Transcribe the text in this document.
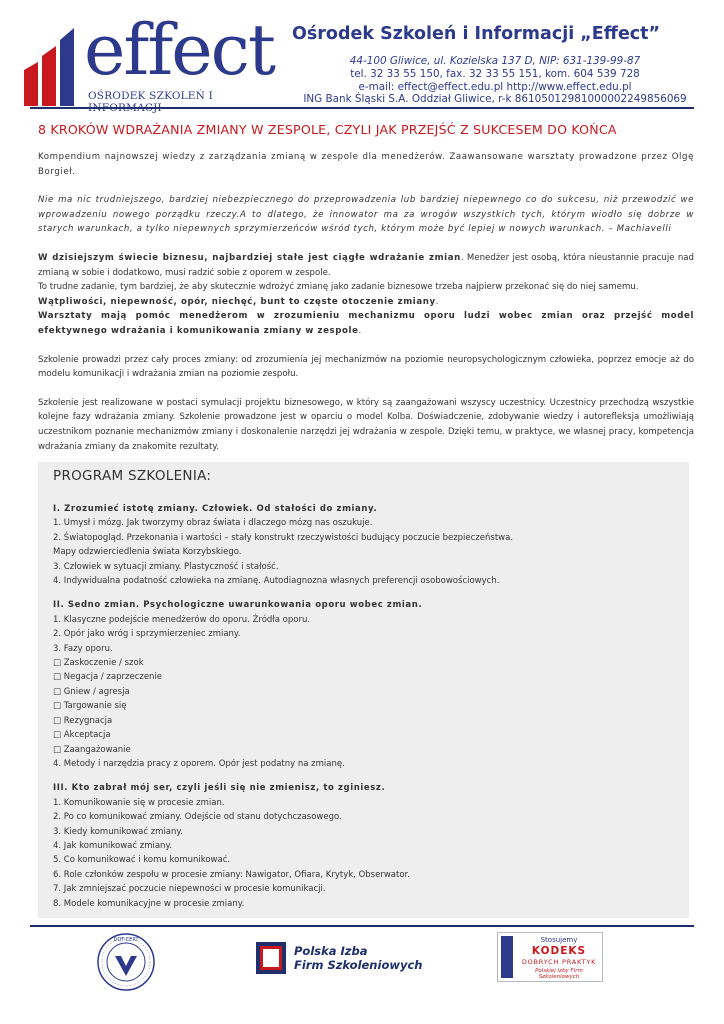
effect
OŚRODEK SZKOLEŃ I
Ośrodek Szkoleń i Informacji „Effect”
44-100 Gliwice, ul. Kozielska 137 D, NIP: 631-139-99-87
tel. 32 33 55 150, fax. 32 33 55 151, kom. 604 539 728
e-mail: effect@effect.edu.pl http://www.effect.edu.pl
ING Bank Śląski S.A. Oddział Gliwice, r-k 86105012981000002249856069
8 KROKÓW WDRAŻANIA ZMIANY W ZESPOLE, CZYLI JAK PRZEJŚĆ Z SUKCESEM DO KOŃCA

Kompendium najnowszej wiedzy z zarządzania zmianą w zespole dla menedżerów. Zaawansowane warsztaty prowadzone przez Olgę Borgieł.

Nie ma nic trudniejszego, bardziej niebezpiecznego do przeprowadzenia lub bardziej niepewnego co do sukcesu, niż przewodzić we wprowadzeniu nowego porządku rzeczy.A to dlatego, że innowator ma za wrogów wszystkich tych, którym wiodło się dobrze w starych warunkach, a tylko niepewnych sprzymierzeńców wśród tych, którym może być lepiej w nowych warunkach. – Machiavelli

W dzisiejszym świecie biznesu, najbardziej stałe jest ciągłe wdrażanie zmian. Menedżer jest osobą, która nieustannie pracuje nad zmianą w sobie i dodatkowo, musi radzić sobie z oporem w zespole.

To trudne zadanie, tym bardziej, że aby skutecznie wdrożyć zmianę jako zadanie biznesowe trzeba najpierw przekonać się do niej samemu.

Wątpliwości, niepewność, opór, niechęć, bunt to częste otoczenie zmiany.

Warsztaty mają pomóc menedżerom w zrozumieniu mechanizmu oporu ludzi wobec zmian oraz przejść model efektywnego wdrażania i komunikowania zmiany w zespole.

Szkolenie prowadzi przez cały proces zmiany: od zrozumienia jej mechanizmów na poziomie neuropsychologicznym człowieka, poprzez emocje aż do modelu komunikacji i wdrażania zmian na poziomie zespołu.

Szkolenie jest realizowane w postaci symulacji projektu biznesowego, w który są zaangażowani wszyscy uczestnicy. Uczestnicy przechodzą wszystkie kolejne fazy wdrażania zmiany. Szkolenie prowadzone jest w oparciu o model Kolba. Doświadczenie, zdobywanie wiedzy i autorefleksja umożliwiają uczestnikom poznanie mechanizmów zmiany i doskonalenie narzędzi jej wdrażania w zespole. Dzięki temu, w praktyce, we własnej pracy, kompetencja wdrażania zmiany da znakomite rezultaty.

PROGRAM SZKOLENIA:
I. Zrozumieć istotę zmiany. Człowiek. Od stałości do zmiany.
1. Umysł i mózg. Jak tworzymy obraz świata i dlaczego mózg nas oszukuje.
2. Światopogląd. Przekonania i wartości – stały konstrukt rzeczywistości budujący poczucie bezpieczeństwa.
Mapy odzwierciedlenia świata Korzybskiego.
3. Człowiek w sytuacji zmiany. Plastyczność i stałość.
4. Indywidualna podatność człowieka na zmianę. Autodiagnozna własnych preferencji osobowościowych.
II. Sedno zmian. Psychologiczne uwarunkowania oporu wobec zmian.
1. Klasyczne podejście menedżerów do oporu. Źródła oporu.
2. Opór jako wróg i sprzymierzeniec zmiany.
3. Fazy oporu.
□ Zaskoczenie / szok
□ Negacja / zaprzeczenie
□ Gniew / agresja
□ Targowanie się
□ Rezygnacja
□ Akceptacja
□ Zaangażowanie
4. Metody i narzędzia pracy z oporem. Opór jest podatny na zmianę.
III. Kto zabrał mój ser, czyli jeśli się nie zmienisz, to zginiesz.
1. Komunikowanie się w procesie zmian.
2. Po co komunikować zmiany. Odejście od stanu dotychczasowego.
3. Kiedy komunikować zmiany.
4. Jak komunikować zmiany.
5. Co komunikować i komu komunikować.
6. Role członków zespołu w procesie zmiany: Nawigator, Ofiara, Krytyk, Obserwator.
7. Jak zmniejszać poczucie niepewności w procesie komunikacji.
8. Modele komunikacyjne w procesie zmiany.
DQT-CERT
Polska Izba
Firm Szkoleniowych
Stosujemy
KODEKS
DOBRYCH PRAKTYK
Polskiej Izby Firm Szkoleniowych
